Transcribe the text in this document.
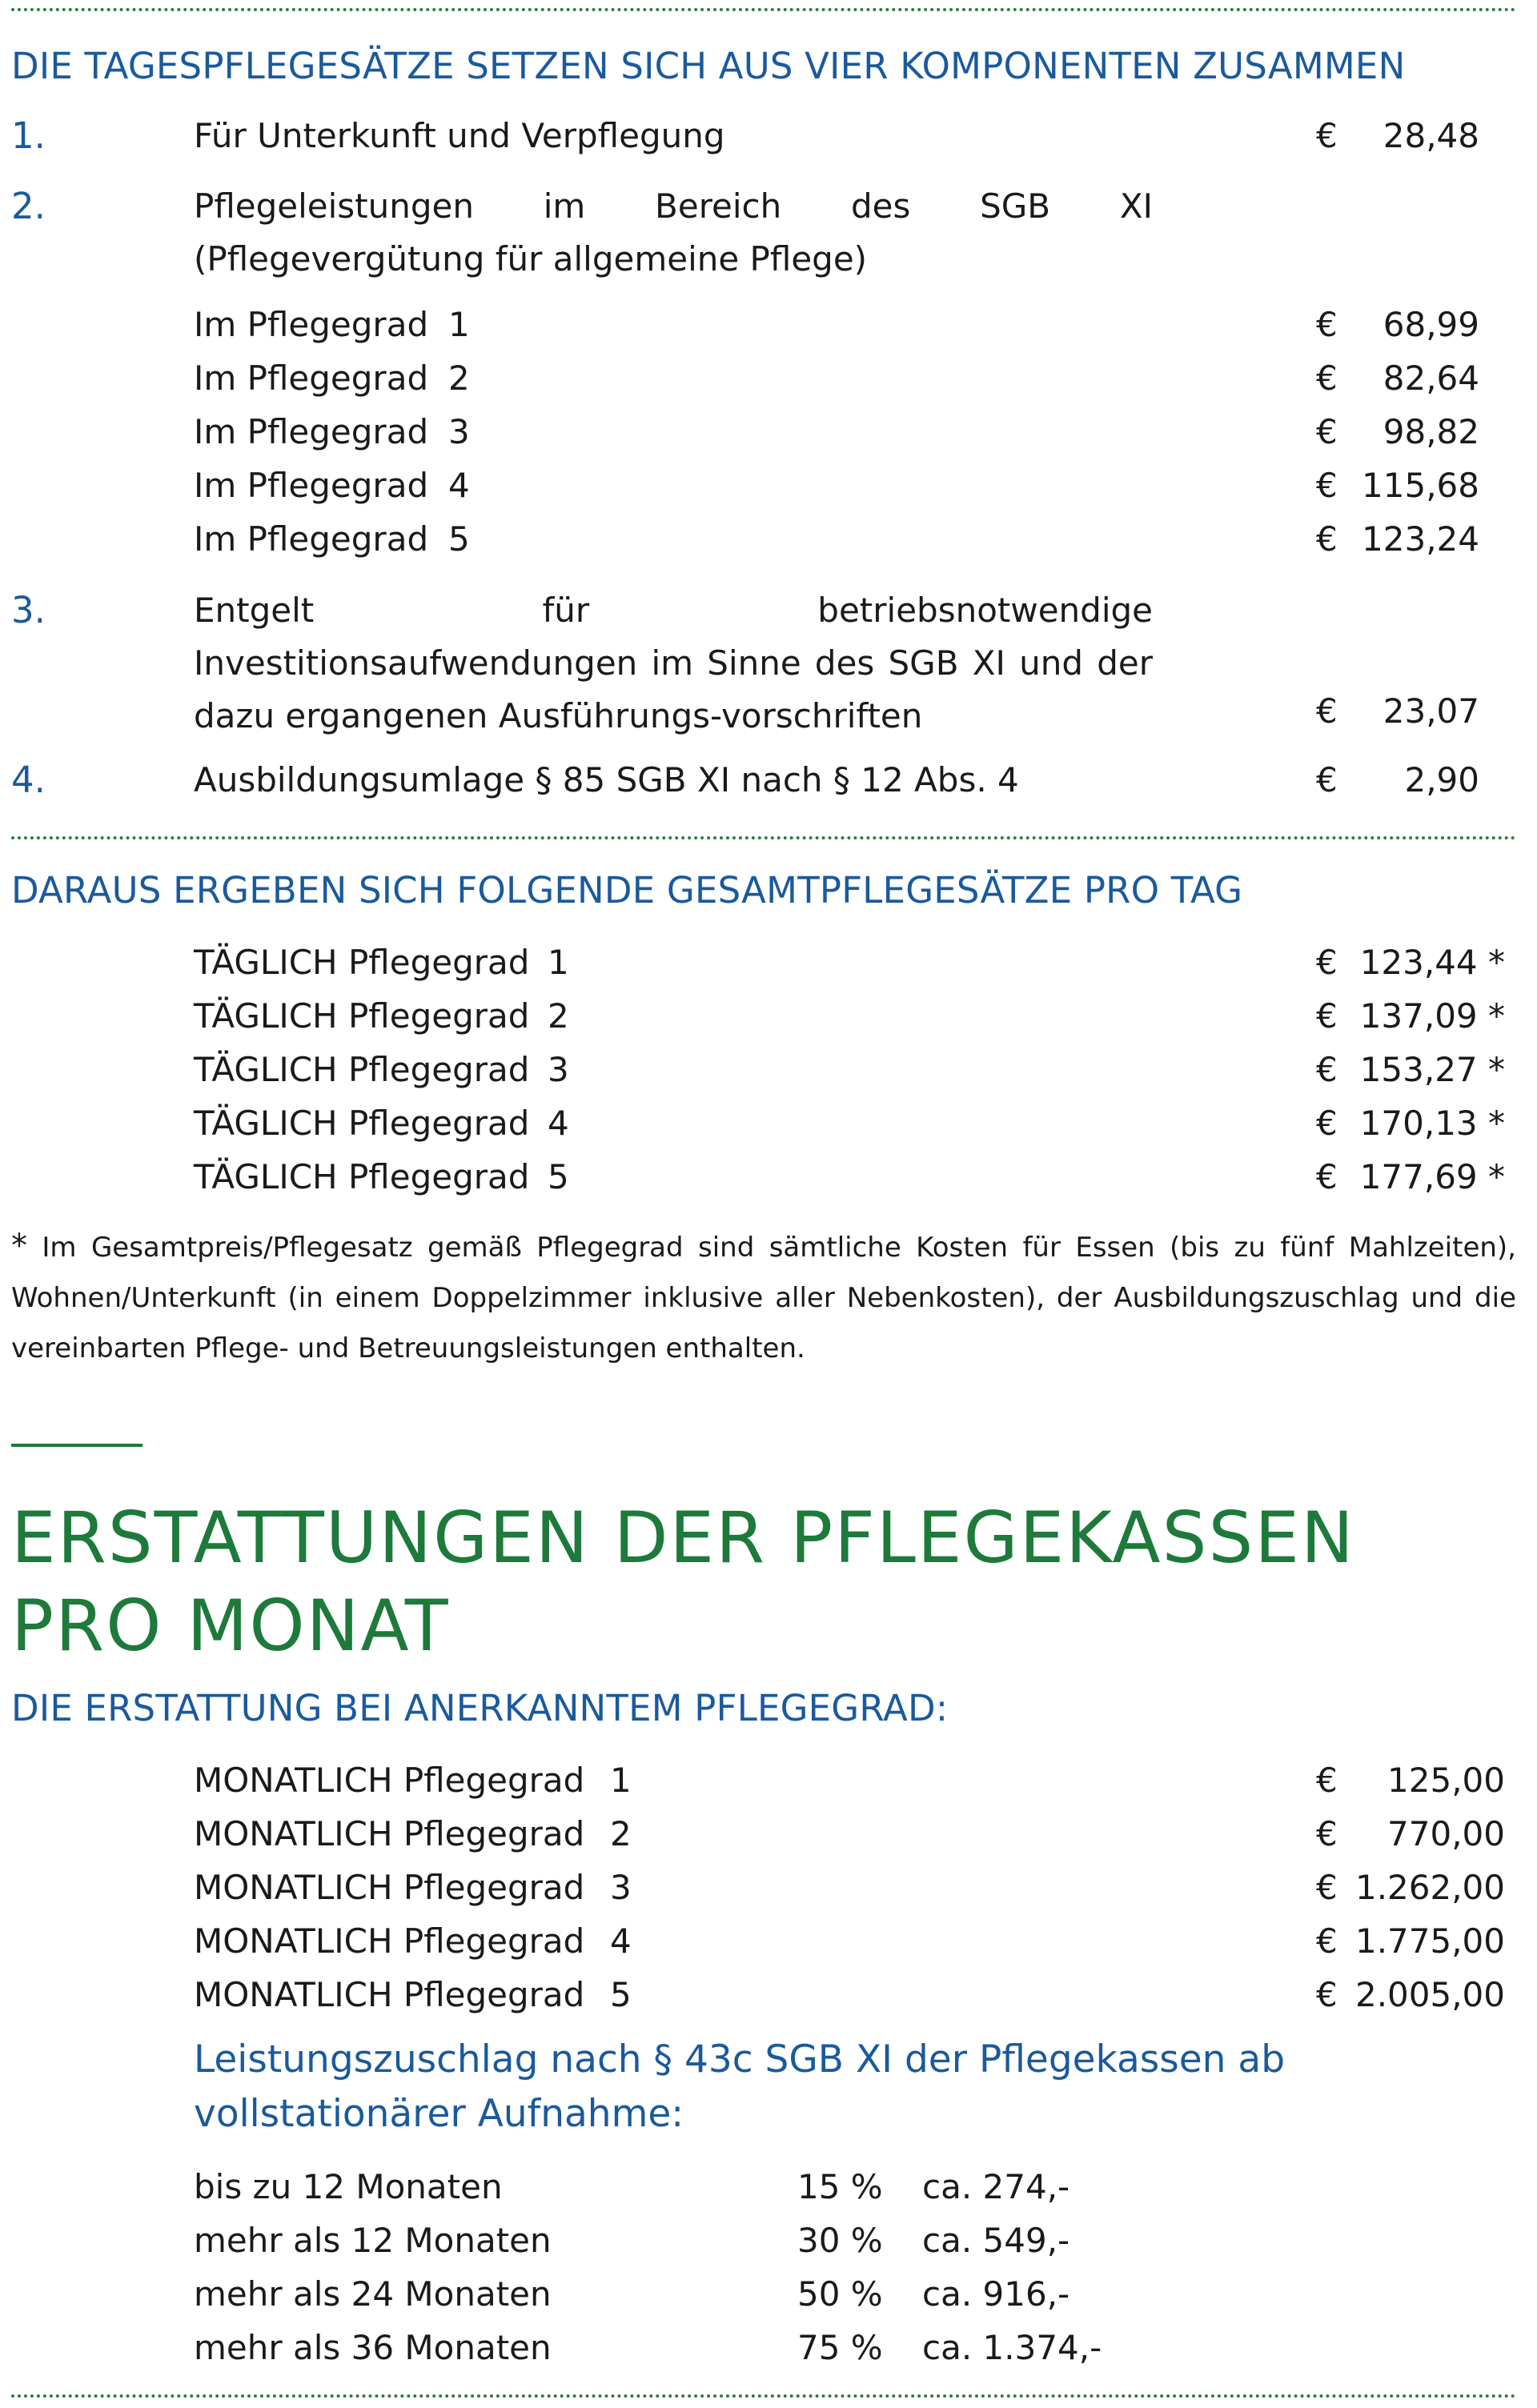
DIE TAGESPFLEGESÄTZE SETZEN SICH AUS VIER KOMPONENTEN ZUSAMMEN
1.	Für Unterkunft und Verpflegung	€	28,48
2.	Pflegeleistungen im Bereich des SGB XI (Pflegevergütung für allgemeine Pflege)
Im Pflegegrad 1	€	68,99
Im Pflegegrad 2	€	82,64
Im Pflegegrad 3	€	98,82
Im Pflegegrad 4	€ 115,68
Im Pflegegrad 5	€ 123,24
3.	Entgelt für betriebsnotwendige Investitionsaufwendungen im Sinne des SGB XI und der dazu ergangenen Ausführungs-vorschriften	€	23,07
4.	Ausbildungsumlage § 85 SGB XI nach § 12 Abs. 4	€	2,90
DARAUS ERGEBEN SICH FOLGENDE GESAMTPFLEGESÄTZE PRO TAG
TÄGLICH Pflegegrad 1	€ 123,44 *
TÄGLICH Pflegegrad 2	€ 137,09 *
TÄGLICH Pflegegrad 3	€ 153,27 *
TÄGLICH Pflegegrad 4	€ 170,13 *
TÄGLICH Pflegegrad 5	€ 177,69 *

* Im Gesamtpreis/Pflegesatz gemäß Pflegegrad sind sämtliche Kosten für Essen (bis zu fünf Mahlzeiten), Wohnen/Unterkunft (in einem Doppelzimmer inklusive aller Nebenkosten), der Ausbildungszuschlag und die vereinbarten Pflege- und Betreuungsleistungen enthalten.

ERSTATTUNGEN DER PFLEGEKASSEN
PRO MONAT
DIE ERSTATTUNG BEI ANERKANNTEM PFLEGEGRAD:
MONATLICH Pflegegrad 1	€	125,00
MONATLICH Pflegegrad 2	€	770,00
MONATLICH Pflegegrad 3	€ 1.262,00
MONATLICH Pflegegrad 4	€ 1.775,00
MONATLICH Pflegegrad 5	€ 2.005,00
Leistungszuschlag nach § 43c SGB XI der Pflegekassen ab
vollstationärer Aufnahme:
bis zu 12 Monaten	15 % ca. 274,-
mehr als 12 Monaten	30 % ca. 549,-
mehr als 24 Monaten	50 % ca. 916,-
mehr als 36 Monaten	75 % ca. 1.374,-
